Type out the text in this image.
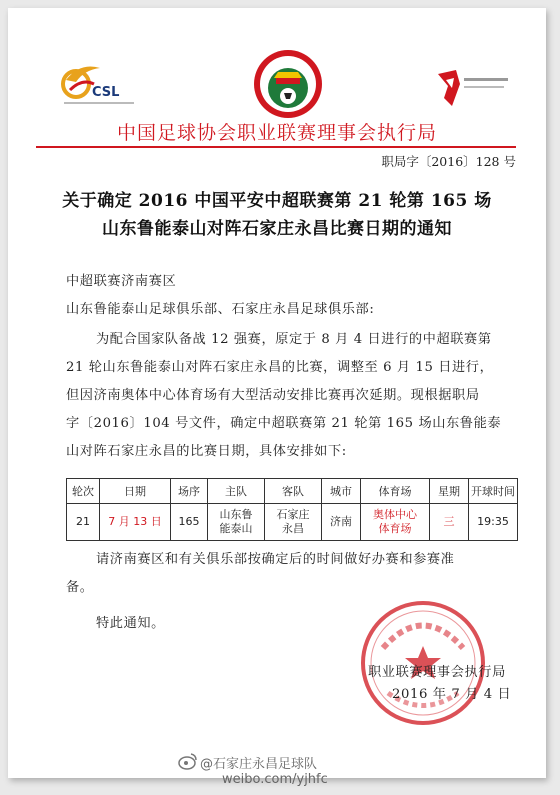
CSL
中国足球协会职业联赛理事会执行局
职局字〔2016〕128 号
关于确定 2016 中国平安中超联赛第 21 轮第 165 场
山东鲁能泰山对阵石家庄永昌比赛日期的通知
中超联赛济南赛区
山东鲁能泰山足球俱乐部、石家庄永昌足球俱乐部:
为配合国家队备战 12 强赛，原定于 8 月 4 日进行的中超联赛第
21 轮山东鲁能泰山对阵石家庄永昌的比赛，调整至 6 月 15 日进行，
但因济南奥体中心体育场有大型活动安排比赛再次延期。现根据职局
字〔2016〕104 号文件，确定中超联赛第 21 轮第 165 场山东鲁能泰
山对阵石家庄永昌的比赛日期，具体安排如下:
轮次	日期	场序	主队	客队	城市	体育场	星期	开球时间
21	7 月 13 日	165	山东鲁
能泰山	石家庄
永昌	济南	奥体中心
体育场	三	19:35
请济南赛区和有关俱乐部按确定后的时间做好办赛和参赛准
备。
特此通知。
职业联赛理事会执行局
2016 年 7 月 4 日
@石家庄永昌足球队
weibo.com/yjhfc
